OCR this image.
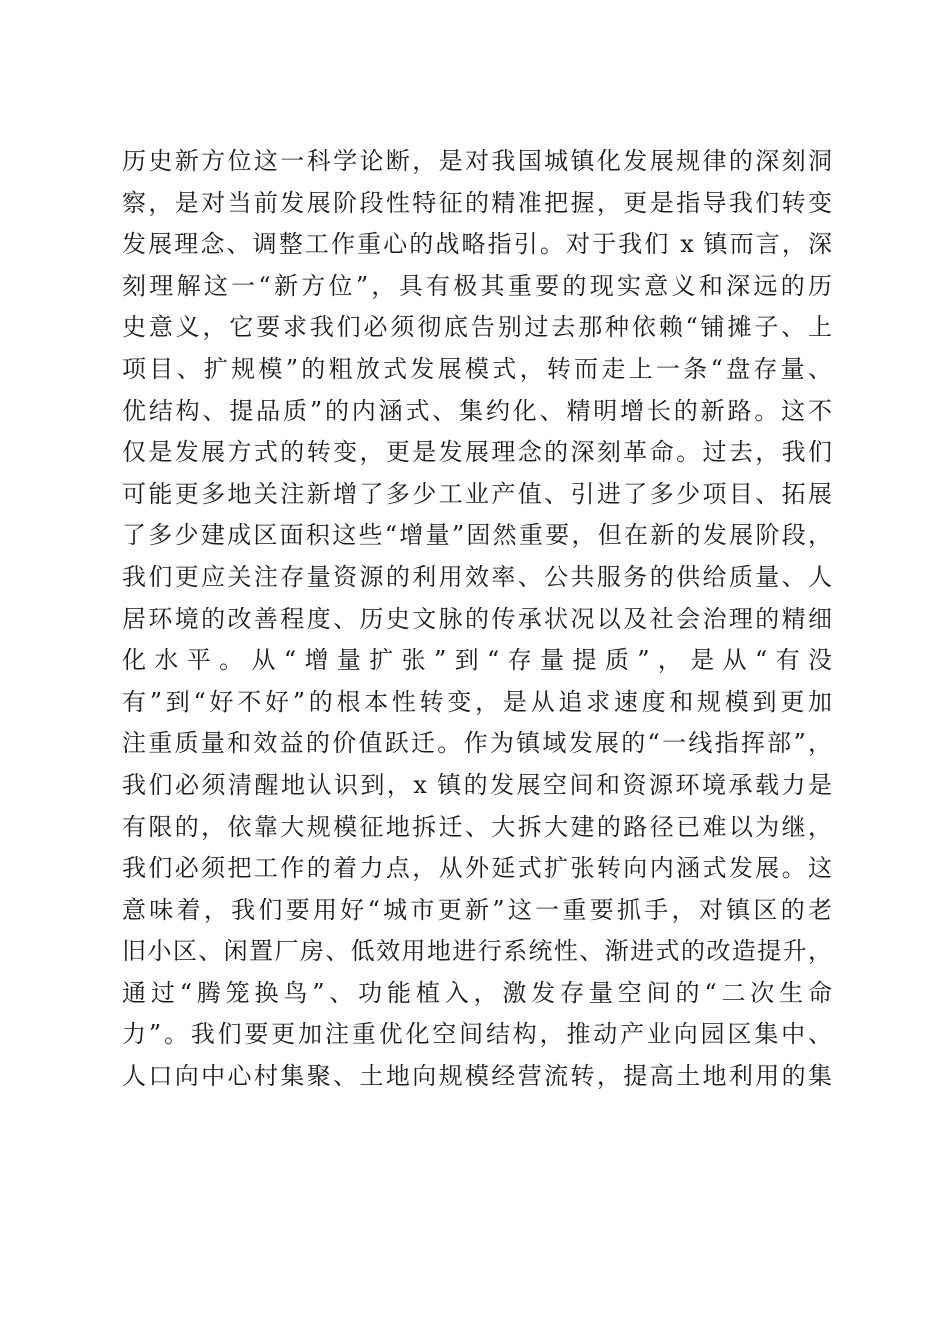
历史新方位这一科学论断，是对我国城镇化发展规律的深刻洞
察，是对当前发展阶段性特征的精准把握，更是指导我们转变
发展理念、调整工作重心的战略指引。对于我们 x 镇而言，深
刻理解这一“新方位”，具有极其重要的现实意义和深远的历
史意义，它要求我们必须彻底告别过去那种依赖“铺摊子、上
项目、扩规模”的粗放式发展模式，转而走上一条“盘存量、
优结构、提品质”的内涵式、集约化、精明增长的新路。这不
仅是发展方式的转变，更是发展理念的深刻革命。过去，我们
可能更多地关注新增了多少工业产值、引进了多少项目、拓展
了多少建成区面积这些“增量”固然重要，但在新的发展阶段，
我们更应关注存量资源的利用效率、公共服务的供给质量、人
居环境的改善程度、历史文脉的传承状况以及社会治理的精细
化水平。从“增量扩张”到“存量提质”，是从“有没
有”到“好不好”的根本性转变，是从追求速度和规模到更加
注重质量和效益的价值跃迁。作为镇域发展的“一线指挥部”，
我们必须清醒地认识到，x 镇的发展空间和资源环境承载力是
有限的，依靠大规模征地拆迁、大拆大建的路径已难以为继，
我们必须把工作的着力点，从外延式扩张转向内涵式发展。这
意味着，我们要用好“城市更新”这一重要抓手，对镇区的老
旧小区、闲置厂房、低效用地进行系统性、渐进式的改造提升，
通过“腾笼换鸟”、功能植入，激发存量空间的“二次生命
力”。我们要更加注重优化空间结构，推动产业向园区集中、
人口向中心村集聚、土地向规模经营流转，提高土地利用的集
